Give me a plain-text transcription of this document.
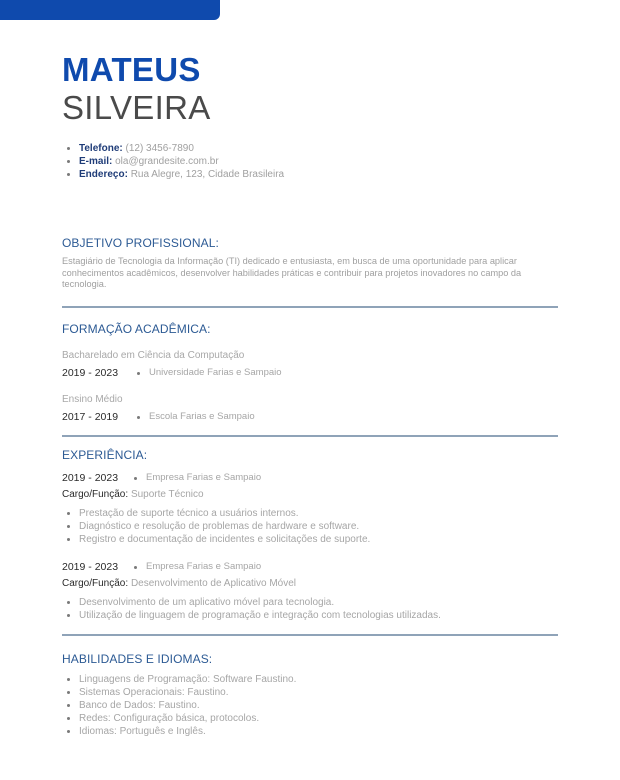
MATEUS
SILVEIRA
Telefone: (12) 3456-7890
E-mail: ola@grandesite.com.br
Endereço: Rua Alegre, 123, Cidade Brasileira
OBJETIVO PROFISSIONAL:
Estagiário de Tecnologia da Informação (TI) dedicado e entusiasta, em busca de uma oportunidade para aplicar conhecimentos acadêmicos, desenvolver habilidades práticas e contribuir para projetos inovadores no campo da tecnologia.
FORMAÇÃO ACADÊMICA:
Bacharelado em Ciência da Computação
2019 - 2023	Universidade Farias e Sampaio
Ensino Médio
2017 - 2019	Escola Farias e Sampaio
EXPERIÊNCIA:
2019 - 2023	Empresa Farias e Sampaio
Cargo/Função: Suporte Técnico
Prestação de suporte técnico a usuários internos.
Diagnóstico e resolução de problemas de hardware e software.
Registro e documentação de incidentes e solicitações de suporte.
2019 - 2023	Empresa Farias e Sampaio
Cargo/Função: Desenvolvimento de Aplicativo Móvel
Desenvolvimento de um aplicativo móvel para tecnologia.
Utilização de linguagem de programação e integração com tecnologias utilizadas.
HABILIDADES E IDIOMAS:
Linguagens de Programação: Software Faustino.
Sistemas Operacionais: Faustino.
Banco de Dados: Faustino.
Redes: Configuração básica, protocolos.
Idiomas: Português e Inglês.
